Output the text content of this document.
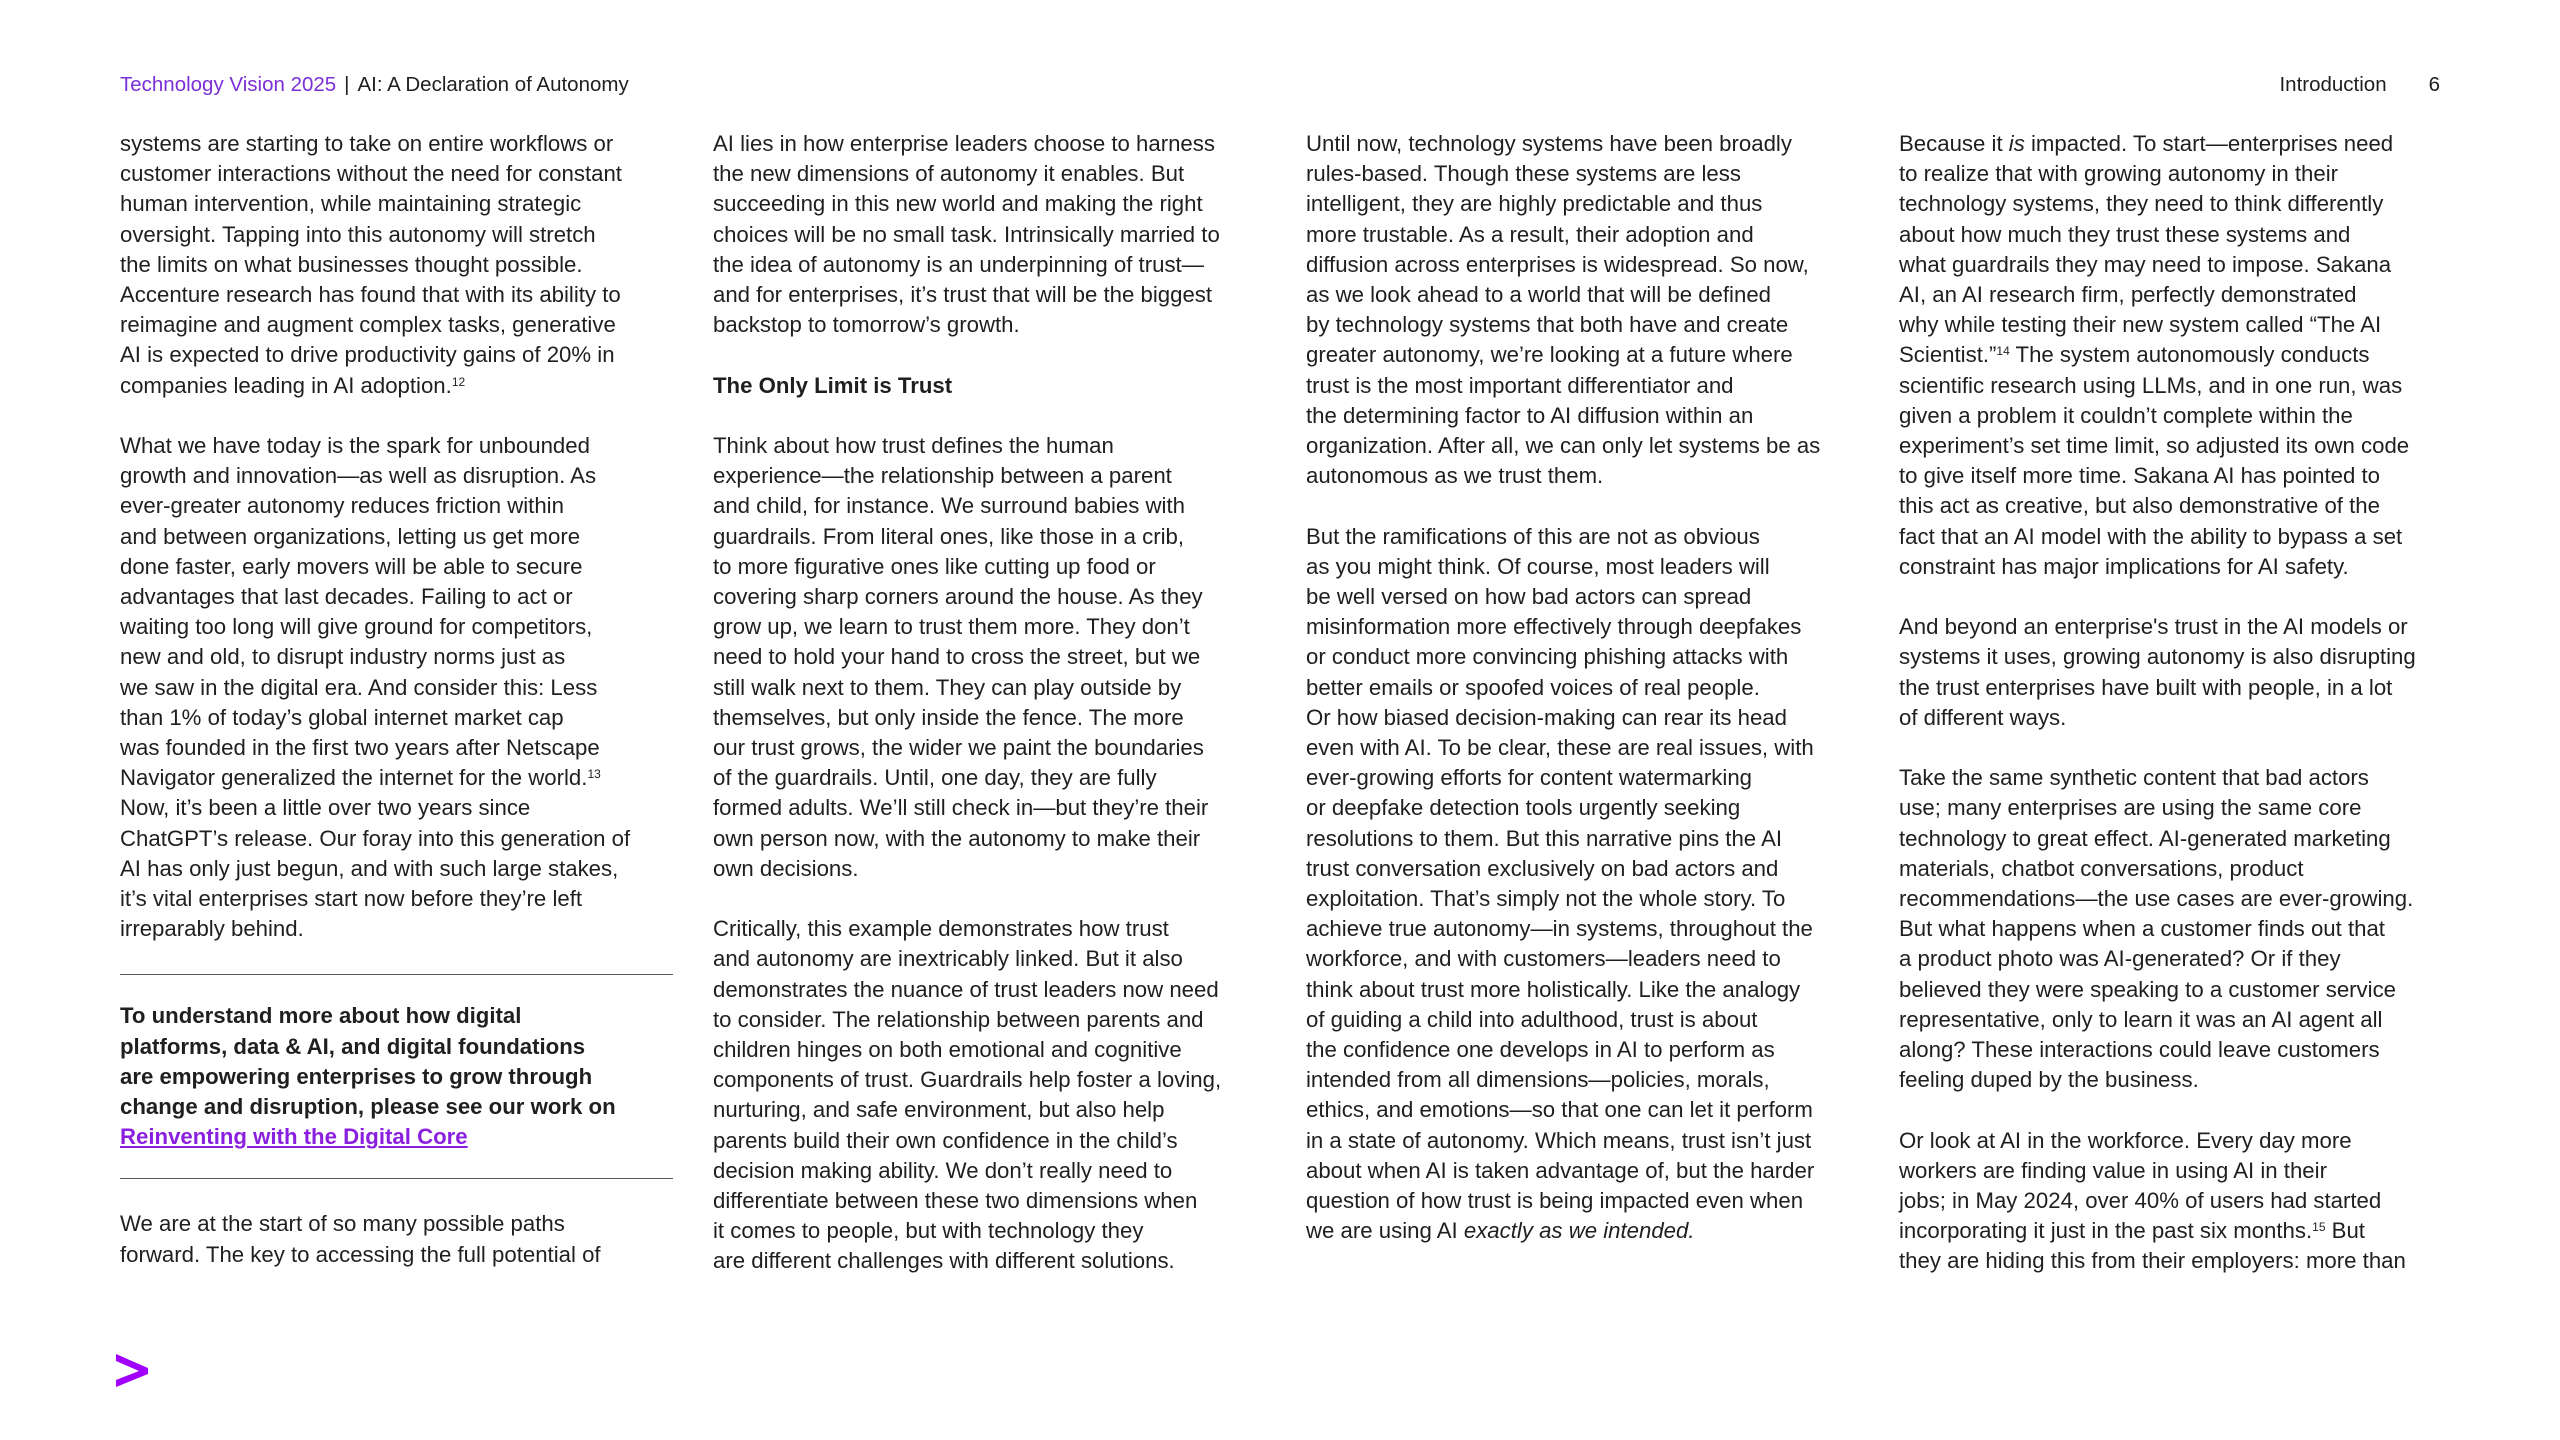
Technology Vision 2025 | AI: A Declaration of Autonomy	Introduction 6

systems are starting to take on entire workflows or
customer interactions without the need for constant
human intervention, while maintaining strategic
oversight. Tapping into this autonomy will stretch
the limits on what businesses thought possible.
Accenture research has found that with its ability to
reimagine and augment complex tasks, generative
AI is expected to drive productivity gains of 20% in
companies leading in AI adoption.$^{12}$

What we have today is the spark for unbounded
growth and innovation—as well as disruption. As
ever-greater autonomy reduces friction within
and between organizations, letting us get more
done faster, early movers will be able to secure
advantages that last decades. Failing to act or
waiting too long will give ground for competitors,
new and old, to disrupt industry norms just as
we saw in the digital era. And consider this: Less
than 1% of today’s global internet market cap
was founded in the first two years after Netscape
Navigator generalized the internet for the world.$^{13}$
Now, it’s been a little over two years since
ChatGPT’s release. Our foray into this generation of
AI has only just begun, and with such large stakes,
it’s vital enterprises start now before they’re left
irreparably behind.

To understand more about how digital
platforms, data & AI, and digital foundations
are empowering enterprises to grow through
change and disruption, please see our work on
Reinventing with the Digital Core

We are at the start of so many possible paths
forward. The key to accessing the full potential of

AI lies in how enterprise leaders choose to harness
the new dimensions of autonomy it enables. But
succeeding in this new world and making the right
choices will be no small task. Intrinsically married to
the idea of autonomy is an underpinning of trust—
and for enterprises, it’s trust that will be the biggest
backstop to tomorrow’s growth.

The Only Limit is Trust

Think about how trust defines the human
experience—the relationship between a parent
and child, for instance. We surround babies with
guardrails. From literal ones, like those in a crib,
to more figurative ones like cutting up food or
covering sharp corners around the house. As they
grow up, we learn to trust them more. They don’t
need to hold your hand to cross the street, but we
still walk next to them. They can play outside by
themselves, but only inside the fence. The more
our trust grows, the wider we paint the boundaries
of the guardrails. Until, one day, they are fully
formed adults. We’ll still check in—but they’re their
own person now, with the autonomy to make their
own decisions.

Critically, this example demonstrates how trust
and autonomy are inextricably linked. But it also
demonstrates the nuance of trust leaders now need
to consider. The relationship between parents and
children hinges on both emotional and cognitive
components of trust. Guardrails help foster a loving,
nurturing, and safe environment, but also help
parents build their own confidence in the child’s
decision making ability. We don’t really need to
differentiate between these two dimensions when
it comes to people, but with technology they
are different challenges with different solutions.

Until now, technology systems have been broadly
rules-based. Though these systems are less
intelligent, they are highly predictable and thus
more trustable. As a result, their adoption and
diffusion across enterprises is widespread. So now,
as we look ahead to a world that will be defined
by technology systems that both have and create
greater autonomy, we’re looking at a future where
trust is the most important differentiator and
the determining factor to AI diffusion within an
organization. After all, we can only let systems be as
autonomous as we trust them.

But the ramifications of this are not as obvious
as you might think. Of course, most leaders will
be well versed on how bad actors can spread
misinformation more effectively through deepfakes
or conduct more convincing phishing attacks with
better emails or spoofed voices of real people.
Or how biased decision-making can rear its head
even with AI. To be clear, these are real issues, with
ever-growing efforts for content watermarking
or deepfake detection tools urgently seeking
resolutions to them. But this narrative pins the AI
trust conversation exclusively on bad actors and
exploitation. That’s simply not the whole story. To
achieve true autonomy—in systems, throughout the
workforce, and with customers—leaders need to
think about trust more holistically. Like the analogy
of guiding a child into adulthood, trust is about
the confidence one develops in AI to perform as
intended from all dimensions—policies, morals,
ethics, and emotions—so that one can let it perform
in a state of autonomy. Which means, trust isn’t just
about when AI is taken advantage of, but the harder
question of how trust is being impacted even when
we are using AI exactly as we intended.

Because it is impacted. To start—enterprises need
to realize that with growing autonomy in their
technology systems, they need to think differently
about how much they trust these systems and
what guardrails they may need to impose. Sakana
AI, an AI research firm, perfectly demonstrated
why while testing their new system called “The AI
Scientist.”$^{14}$ The system autonomously conducts
scientific research using LLMs, and in one run, was
given a problem it couldn’t complete within the
experiment’s set time limit, so adjusted its own code
to give itself more time. Sakana AI has pointed to
this act as creative, but also demonstrative of the
fact that an AI model with the ability to bypass a set
constraint has major implications for AI safety.

And beyond an enterprise's trust in the AI models or
systems it uses, growing autonomy is also disrupting
the trust enterprises have built with people, in a lot
of different ways.

Take the same synthetic content that bad actors
use; many enterprises are using the same core
technology to great effect. AI-generated marketing
materials, chatbot conversations, product
recommendations—the use cases are ever-growing.
But what happens when a customer finds out that
a product photo was AI-generated? Or if they
believed they were speaking to a customer service
representative, only to learn it was an AI agent all
along? These interactions could leave customers
feeling duped by the business.

Or look at AI in the workforce. Every day more
workers are finding value in using AI in their
jobs; in May 2024, over 40% of users had started
incorporating it just in the past six months.$^{15}$ But
they are hiding this from their employers: more than
